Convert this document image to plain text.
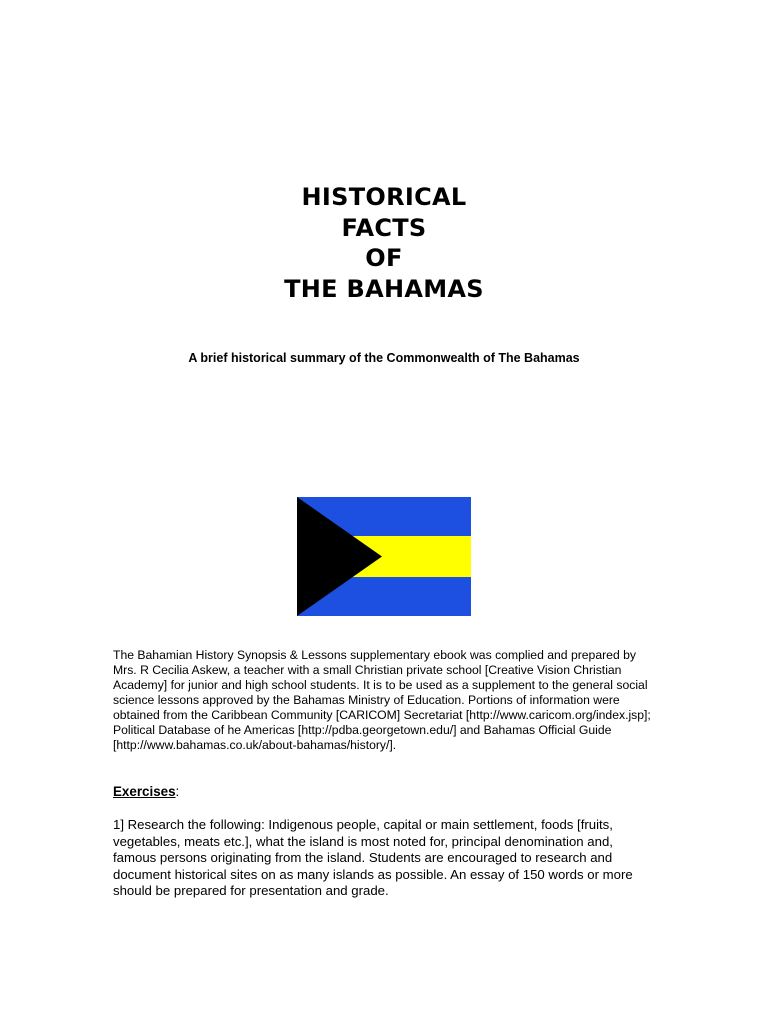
HISTORICAL
FACTS
OF
THE BAHAMAS
A brief historical summary of the Commonwealth of The Bahamas
The Bahamian History Synopsis & Lessons supplementary ebook was complied and prepared by Mrs. R Cecilia Askew, a teacher with a small Christian private school [Creative Vision Christian Academy] for junior and high school students. It is to be used as a supplement to the general social science lessons approved by the Bahamas Ministry of Education. Portions of information were obtained from the Caribbean Community [CARICOM] Secretariat [http://www.caricom.org/index.jsp]; Political Database of he Americas [http://pdba.georgetown.edu/] and Bahamas Official Guide [http://www.bahamas.co.uk/about-bahamas/history/].
Exercises:
1] Research the following: Indigenous people, capital or main settlement, foods [fruits, vegetables, meats etc.], what the island is most noted for, principal denomination and, famous persons originating from the island. Students are encouraged to research and document historical sites on as many islands as possible. An essay of 150 words or more should be prepared for presentation and grade.
